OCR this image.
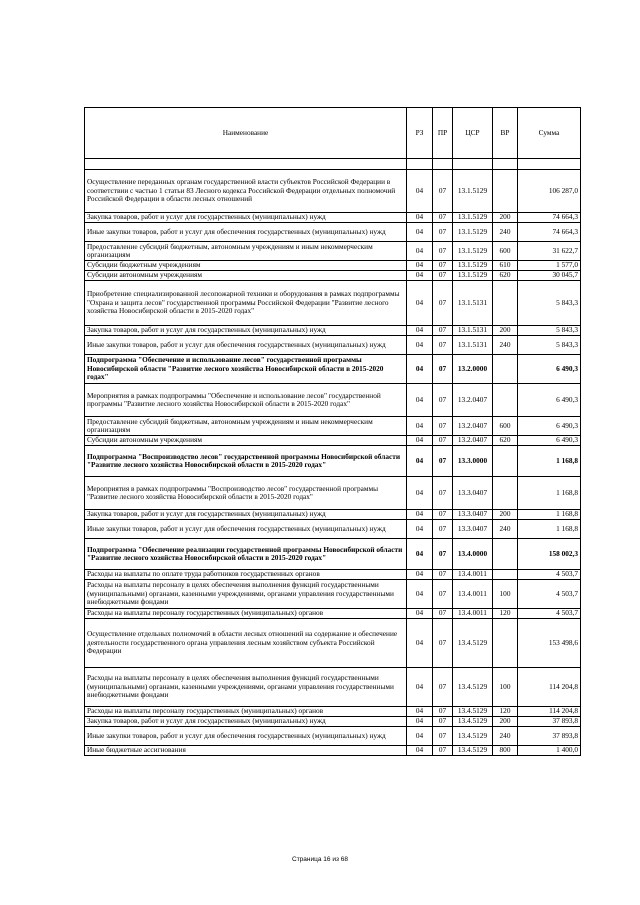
Наименование	РЗ	ПР	ЦСР	ВР	Сумма

Осуществление переданных органам государственной власти субъектов Российской Федерации в соответствии с частью 1 статьи 83 Лесного кодекса Российской Федерации отдельных полномочий Российской Федерации в области лесных отношений	04	07	13.1.5129		106 287,0
Закупка товаров, работ и услуг для государственных (муниципальных) нужд	04	07	13.1.5129	200	74 664,3
Иные закупки товаров, работ и услуг для обеспечения государственных (муниципальных) нужд	04	07	13.1.5129	240	74 664,3
Предоставление субсидий бюджетным, автономным учреждениям и иным некоммерческим организациям	04	07	13.1.5129	600	31 622,7
Субсидии бюджетным учреждениям	04	07	13.1.5129	610	1 577,0
Субсидии автономным учреждениям	04	07	13.1.5129	620	30 045,7
Приобретение специализированной лесопожарной техники и оборудования в рамках подпрограммы "Охрана и защита лесов" государственной программы Российской Федерации "Развитие лесного хозяйства Новосибирской области в 2015-2020 годах"	04	07	13.1.5131		5 843,3
Закупка товаров, работ и услуг для государственных (муниципальных) нужд	04	07	13.1.5131	200	5 843,3
Иные закупки товаров, работ и услуг для обеспечения государственных (муниципальных) нужд	04	07	13.1.5131	240	5 843,3
Подпрограмма "Обеспечение и использование лесов" государственной программы Новосибирской области "Развитие лесного хозяйства Новосибирской области в 2015-2020 годах"	04	07	13.2.0000		6 490,3
Мероприятия в рамках подпрограммы "Обеспечение и использование лесов" государственной программы "Развитие лесного хозяйства Новосибирской области в 2015-2020 годах"	04	07	13.2.0407		6 490,3
Предоставление субсидий бюджетным, автономным учреждениям и иным некоммерческим организациям	04	07	13.2.0407	600	6 490,3
Субсидии автономным учреждениям	04	07	13.2.0407	620	6 490,3
Подпрограмма "Воспроизводство лесов" государственной программы Новосибирской области "Развитие лесного хозяйства Новосибирской области в 2015-2020 годах"	04	07	13.3.0000		1 168,8
Мероприятия в рамках подпрограммы "Воспроизводство лесов" государственной программы "Развитие лесного хозяйства Новосибирской области в 2015-2020 годах"	04	07	13.3.0407		1 168,8
Закупка товаров, работ и услуг для государственных (муниципальных) нужд	04	07	13.3.0407	200	1 168,8
Иные закупки товаров, работ и услуг для обеспечения государственных (муниципальных) нужд	04	07	13.3.0407	240	1 168,8
Подпрограмма "Обеспечение реализации государственной программы Новосибирской области "Развитие лесного хозяйства Новосибирской области в 2015-2020 годах"	04	07	13.4.0000		158 002,3
Расходы на выплаты по оплате труда работников государственных органов	04	07	13.4.0011		4 503,7
Расходы на выплаты персоналу в целях обеспечения выполнения функций государственными (муниципальными) органами, казенными учреждениями, органами управления государственными внебюджетными фондами	04	07	13.4.0011	100	4 503,7
Расходы на выплаты персоналу государственных (муниципальных) органов	04	07	13.4.0011	120	4 503,7
Осуществление отдельных полномочий в области лесных отношений на содержание и обеспечение деятельности государственного органа управления лесным хозяйством субъекта Российской Федерации	04	07	13.4.5129		153 498,6
Расходы на выплаты персоналу в целях обеспечения выполнения функций государственными (муниципальными) органами, казенными учреждениями, органами управления государственными внебюджетными фондами	04	07	13.4.5129	100	114 204,8
Расходы на выплаты персоналу государственных (муниципальных) органов	04	07	13.4.5129	120	114 204,8
Закупка товаров, работ и услуг для государственных (муниципальных) нужд	04	07	13.4.5129	200	37 893,8
Иные закупки товаров, работ и услуг для обеспечения государственных (муниципальных) нужд	04	07	13.4.5129	240	37 893,8
Иные бюджетные ассигнования	04	07	13.4.5129	800	1 400,0
Страница 16 из 68
